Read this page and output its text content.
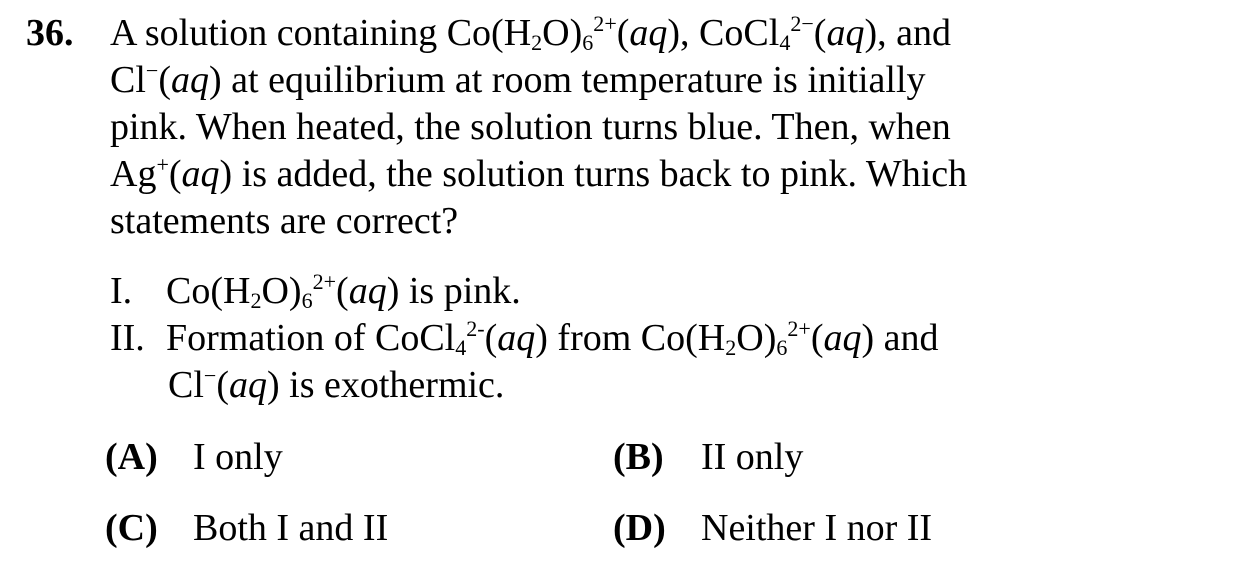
36. A solution containing $Co(H_2O)_6^{2+}(aq)$, CoCl$_4^{2-}$(aq), and
Cl−(aq) at equilibrium at room temperature is initially
pink. When heated, the solution turns blue. Then, when
Ag+(aq) is added, the solution turns back to pink. Which
statements are correct?
I. $Co(H_2O)_6^{2+}(aq)$ is pink.
II. Formation of CoCl$_4^{2-}$(aq) from $Co(H_2O)_6^{2+}(aq)$ and
Cl−(aq) is exothermic.
(A) I only	(B) II only
(C) Both I and II	(D) Neither I nor II
